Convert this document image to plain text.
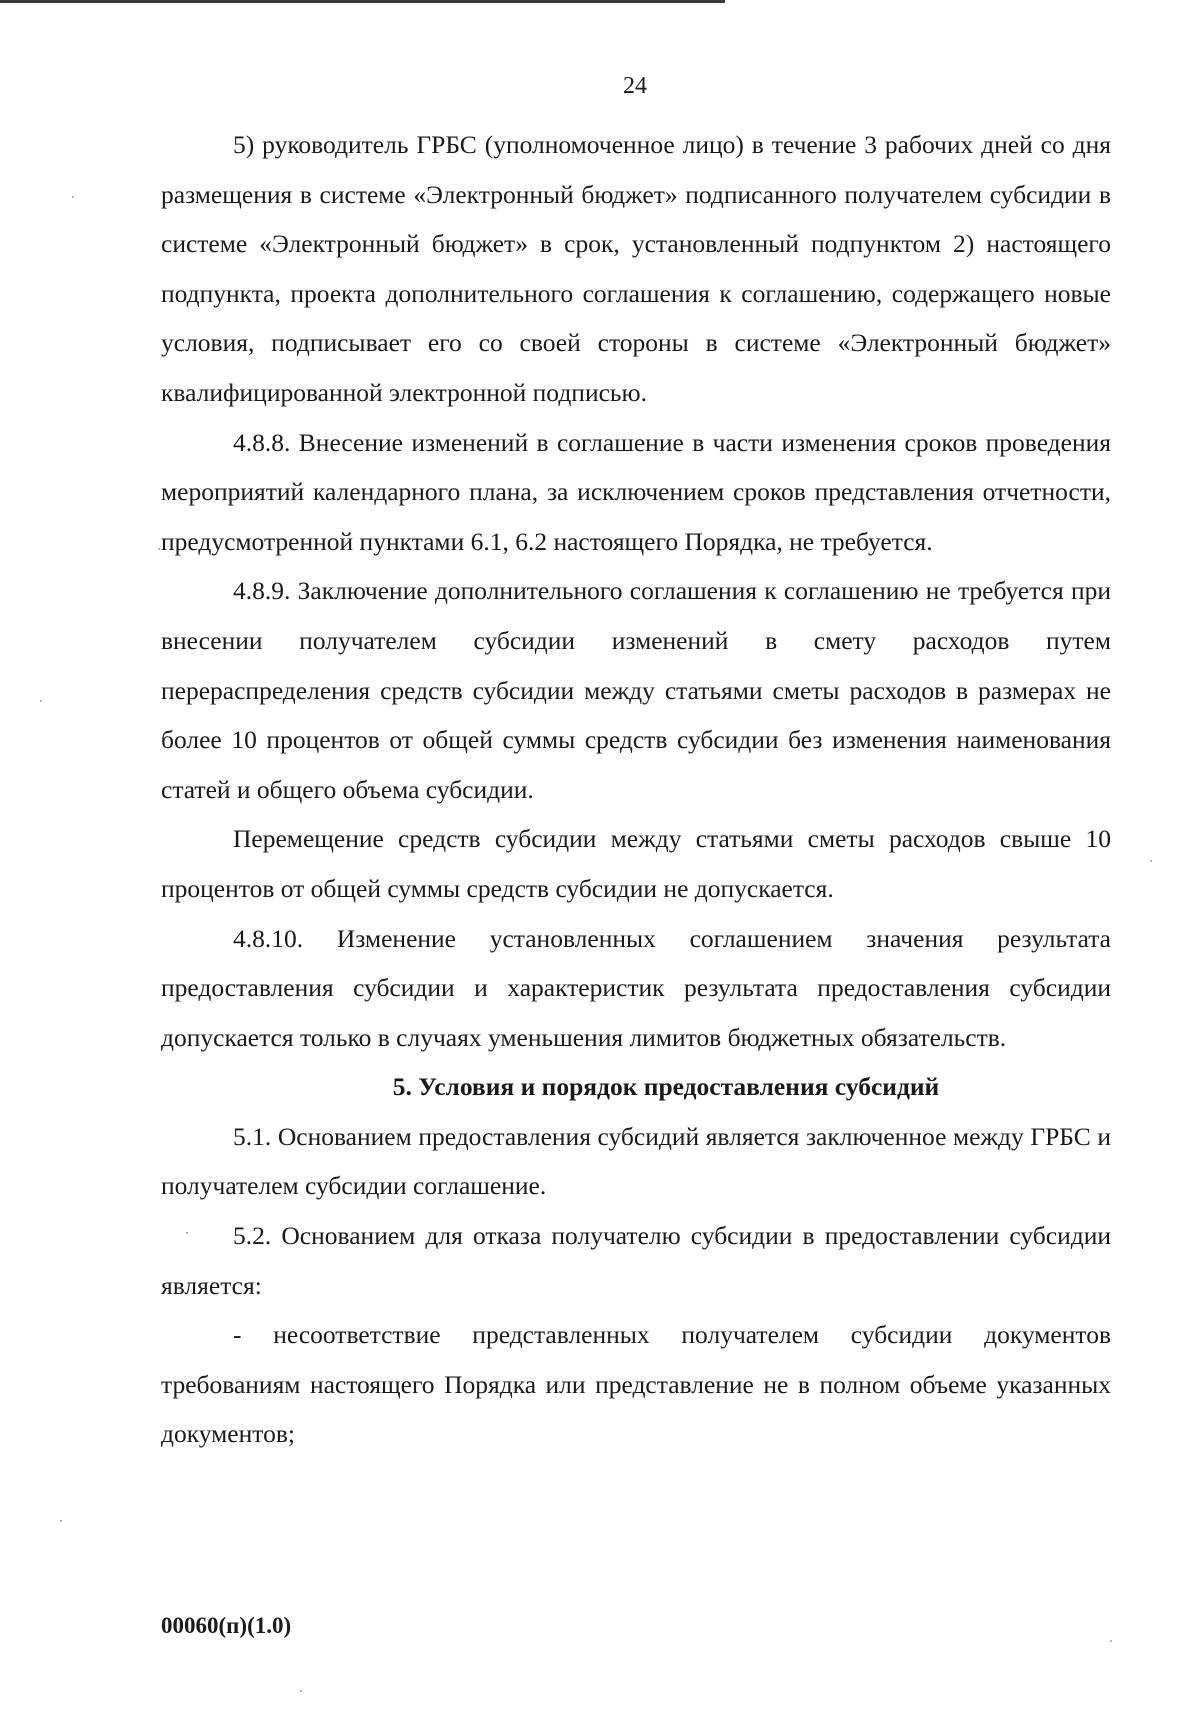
24

5) руководитель ГРБС (уполномоченное лицо) в течение 3 рабочих дней со дня размещения в системе «Электронный бюджет» подписанного получателем субсидии в системе «Электронный бюджет» в срок, установленный подпунктом 2) настоящего подпункта, проекта дополнительного соглашения к соглашению, содержащего новые условия, подписывает его со своей стороны в системе «Электронный бюджет» квалифицированной электронной подписью.

4.8.8. Внесение изменений в соглашение в части изменения сроков проведения мероприятий календарного плана, за исключением сроков представления отчетности, предусмотренной пунктами 6.1, 6.2 настоящего Порядка, не требуется.

4.8.9. Заключение дополнительного соглашения к соглашению не требуется при внесении получателем субсидии изменений в смету расходов путем перераспределения средств субсидии между статьями сметы расходов в размерах не более 10 процентов от общей суммы средств субсидии без изменения наименования статей и общего объема субсидии.

Перемещение средств субсидии между статьями сметы расходов свыше 10 процентов от общей суммы средств субсидии не допускается.

4.8.10. Изменение установленных соглашением значения результата предоставления субсидии и характеристик результата предоставления субсидии допускается только в случаях уменьшения лимитов бюджетных обязательств.

5. Условия и порядок предоставления субсидий

5.1. Основанием предоставления субсидий является заключенное между ГРБС и получателем субсидии соглашение.

5.2. Основанием для отказа получателю субсидии в предоставлении субсидии является:

- несоответствие представленных получателем субсидии документов требованиям настоящего Порядка или представление не в полном объеме указанных документов;

00060(п)(1.0)
